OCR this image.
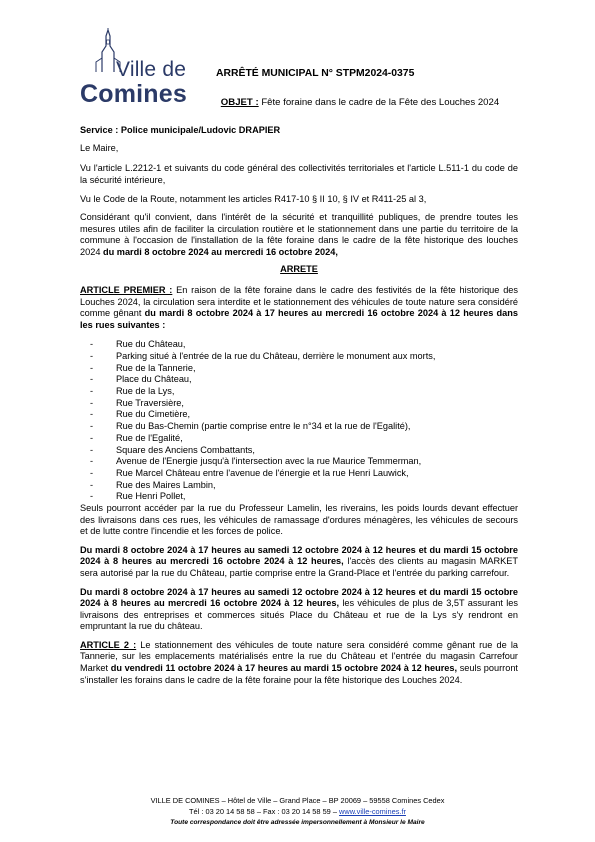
Ville de
Comines
ARRÊTÉ MUNICIPAL N° STPM2024-0375
OBJET : Fête foraine dans le cadre de la Fête des Louches 2024

Service : Police municipale/Ludovic DRAPIER

Le Maire,

Vu l'article L.2212-1 et suivants du code général des collectivités territoriales et l'article L.511-1 du code de la sécurité intérieure,

Vu le Code de la Route, notamment les articles R417-10 § II 10, § IV et R411-25 al 3,

Considérant qu'il convient, dans l'intérêt de la sécurité et tranquillité publiques, de prendre toutes les mesures utiles afin de faciliter la circulation routière et le stationnement dans une partie du territoire de la commune à l'occasion de l'installation de la fête foraine dans le cadre de la fête historique des louches 2024 du mardi 8 octobre 2024 au mercredi 16 octobre 2024,

ARRETE

ARTICLE PREMIER : En raison de la fête foraine dans le cadre des festivités de la fête historique des Louches 2024, la circulation sera interdite et le stationnement des véhicules de toute nature sera considéré comme gênant du mardi 8 octobre 2024 à 17 heures au mercredi 16 octobre 2024 à 12 heures dans les rues suivantes :

- Rue du Château,
- Parking situé à l'entrée de la rue du Château, derrière le monument aux morts,
- Rue de la Tannerie,
- Place du Château,
- Rue de la Lys,
- Rue Traversière,
- Rue du Cimetière,
- Rue du Bas-Chemin (partie comprise entre le n°34 et la rue de l'Egalité),
- Rue de l'Egalité,
- Square des Anciens Combattants,
- Avenue de l'Energie jusqu'à l'intersection avec la rue Maurice Temmerman,
- Rue Marcel Château entre l'avenue de l'énergie et la rue Henri Lauwick,
- Rue des Maires Lambin,
- Rue Henri Pollet,

Seuls pourront accéder par la rue du Professeur Lamelin, les riverains, les poids lourds devant effectuer des livraisons dans ces rues, les véhicules de ramassage d'ordures ménagères, les véhicules de secours et de lutte contre l'incendie et les forces de police.

Du mardi 8 octobre 2024 à 17 heures au samedi 12 octobre 2024 à 12 heures et du mardi 15 octobre 2024 à 8 heures au mercredi 16 octobre 2024 à 12 heures, l'accès des clients au magasin MARKET sera autorisé par la rue du Château, partie comprise entre la Grand-Place et l'entrée du parking carrefour.

Du mardi 8 octobre 2024 à 17 heures au samedi 12 octobre 2024 à 12 heures et du mardi 15 octobre 2024 à 8 heures au mercredi 16 octobre 2024 à 12 heures, les véhicules de plus de 3,5T assurant les livraisons des entreprises et commerces situés Place du Château et rue de la Lys s'y rendront en empruntant la rue du château.

ARTICLE 2 : Le stationnement des véhicules de toute nature sera considéré comme gênant rue de la Tannerie, sur les emplacements matérialisés entre la rue du Château et l'entrée du magasin Carrefour Market du vendredi 11 octobre 2024 à 17 heures au mardi 15 octobre 2024 à 12 heures, seuls pourront s'installer les forains dans le cadre de la fête foraine pour la fête historique des Louches 2024.

VILLE DE COMINES – Hôtel de Ville – Grand Place – BP 20069 – 59558 Comines Cedex
Tél : 03 20 14 58 58 – Fax : 03 20 14 58 59 – www.ville-comines.fr
Toute correspondance doit être adressée impersonnellement à Monsieur le Maire
